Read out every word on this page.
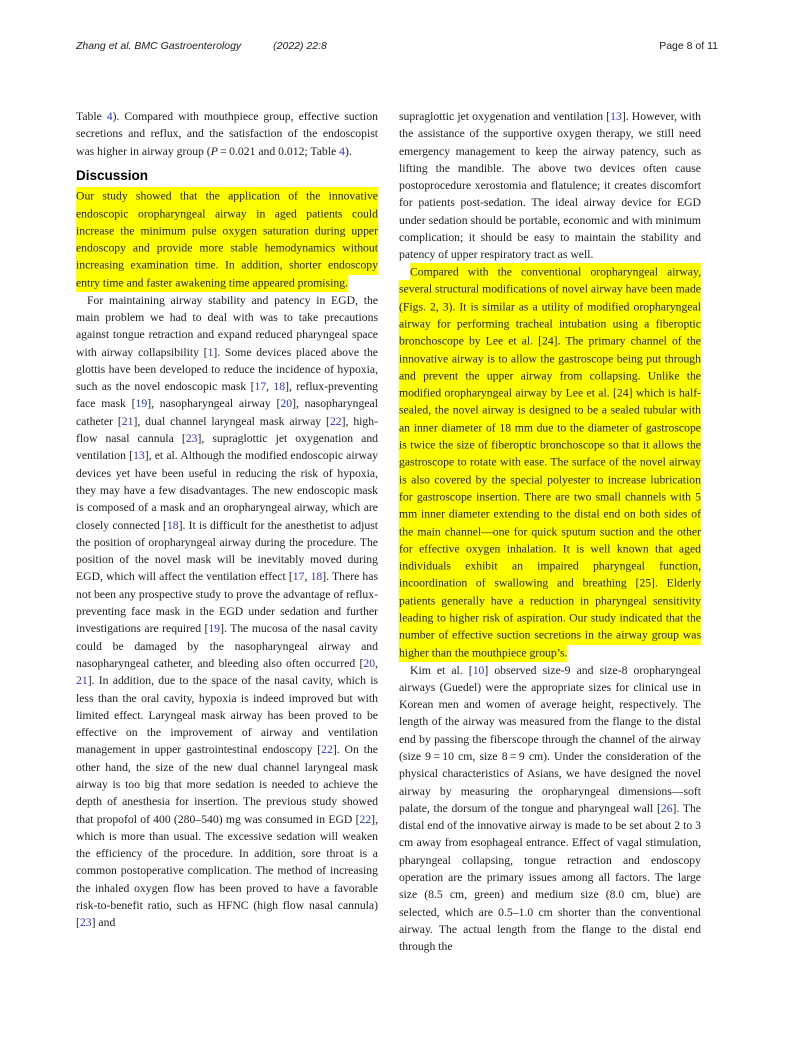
Zhang et al. BMC Gastroenterology	(2022) 22:8	Page 8 of 11

Table 4). Compared with mouthpiece group, effective suction secretions and reflux, and the satisfaction of the endoscopist was higher in airway group (P = 0.021 and 0.012; Table 4).

Discussion

Our study showed that the application of the innovative endoscopic oropharyngeal airway in aged patients could increase the minimum pulse oxygen saturation during upper endoscopy and provide more stable hemodynamics without increasing examination time. In addition, shorter endoscopy entry time and faster awakening time appeared promising.

For maintaining airway stability and patency in EGD, the main problem we had to deal with was to take precautions against tongue retraction and expand reduced pharyngeal space with airway collapsibility [1]. Some devices placed above the glottis have been developed to reduce the incidence of hypoxia, such as the novel endoscopic mask [17, 18], reflux-preventing face mask [19], nasopharyngeal airway [20], nasopharyngeal catheter [21], dual channel laryngeal mask airway [22], high-flow nasal cannula [23], supraglottic jet oxygenation and ventilation [13], et al. Although the modified endoscopic airway devices yet have been useful in reducing the risk of hypoxia, they may have a few disadvantages. The new endoscopic mask is composed of a mask and an oropharyngeal airway, which are closely connected [18]. It is difficult for the anesthetist to adjust the position of oropharyngeal airway during the procedure. The position of the novel mask will be inevitably moved during EGD, which will affect the ventilation effect [17, 18]. There has not been any prospective study to prove the advantage of reflux-preventing face mask in the EGD under sedation and further investigations are required [19]. The mucosa of the nasal cavity could be damaged by the nasopharyngeal airway and nasopharyngeal catheter, and bleeding also often occurred [20, 21]. In addition, due to the space of the nasal cavity, which is less than the oral cavity, hypoxia is indeed improved but with limited effect. Laryngeal mask airway has been proved to be effective on the improvement of airway and ventilation management in upper gastrointestinal endoscopy [22]. On the other hand, the size of the new dual channel laryngeal mask airway is too big that more sedation is needed to achieve the depth of anesthesia for insertion. The previous study showed that propofol of 400 (280–540) mg was consumed in EGD [22], which is more than usual. The excessive sedation will weaken the efficiency of the procedure. In addition, sore throat is a common postoperative complication. The method of increasing the inhaled oxygen flow has been proved to have a favorable risk-to-benefit ratio, such as HFNC (high flow nasal cannula) [23] and

supraglottic jet oxygenation and ventilation [13]. However, with the assistance of the supportive oxygen therapy, we still need emergency management to keep the airway patency, such as lifting the mandible. The above two devices often cause postoprocedure xerostomia and flatulence; it creates discomfort for patients post-sedation. The ideal airway device for EGD under sedation should be portable, economic and with minimum complication; it should be easy to maintain the stability and patency of upper respiratory tract as well.

Compared with the conventional oropharyngeal airway, several structural modifications of novel airway have been made (Figs. 2, 3). It is similar as a utility of modified oropharyngeal airway for performing tracheal intubation using a fiberoptic bronchoscope by Lee et al. [24]. The primary channel of the innovative airway is to allow the gastroscope being put through and prevent the upper airway from collapsing. Unlike the modified oropharyngeal airway by Lee et al. [24] which is half-sealed, the novel airway is designed to be a sealed tubular with an inner diameter of 18 mm due to the diameter of gastroscope is twice the size of fiberoptic bronchoscope so that it allows the gastroscope to rotate with ease. The surface of the novel airway is also covered by the special polyester to increase lubrication for gastroscope insertion. There are two small channels with 5 mm inner diameter extending to the distal end on both sides of the main channel—one for quick sputum suction and the other for effective oxygen inhalation. It is well known that aged individuals exhibit an impaired pharyngeal function, incoordination of swallowing and breathing [25]. Elderly patients generally have a reduction in pharyngeal sensitivity leading to higher risk of aspiration. Our study indicated that the number of effective suction secretions in the airway group was higher than the mouthpiece group’s.

Kim et al. [10] observed size-9 and size-8 oropharyngeal airways (Guedel) were the appropriate sizes for clinical use in Korean men and women of average height, respectively. The length of the airway was measured from the flange to the distal end by passing the fiberscope through the channel of the airway (size 9 = 10 cm, size 8 = 9 cm). Under the consideration of the physical characteristics of Asians, we have designed the novel airway by measuring the oropharyngeal dimensions—soft palate, the dorsum of the tongue and pharyngeal wall [26]. The distal end of the innovative airway is made to be set about 2 to 3 cm away from esophageal entrance. Effect of vagal stimulation, pharyngeal collapsing, tongue retraction and endoscopy operation are the primary issues among all factors. The large size (8.5 cm, green) and medium size (8.0 cm, blue) are selected, which are 0.5–1.0 cm shorter than the conventional airway. The actual length from the flange to the distal end through the
